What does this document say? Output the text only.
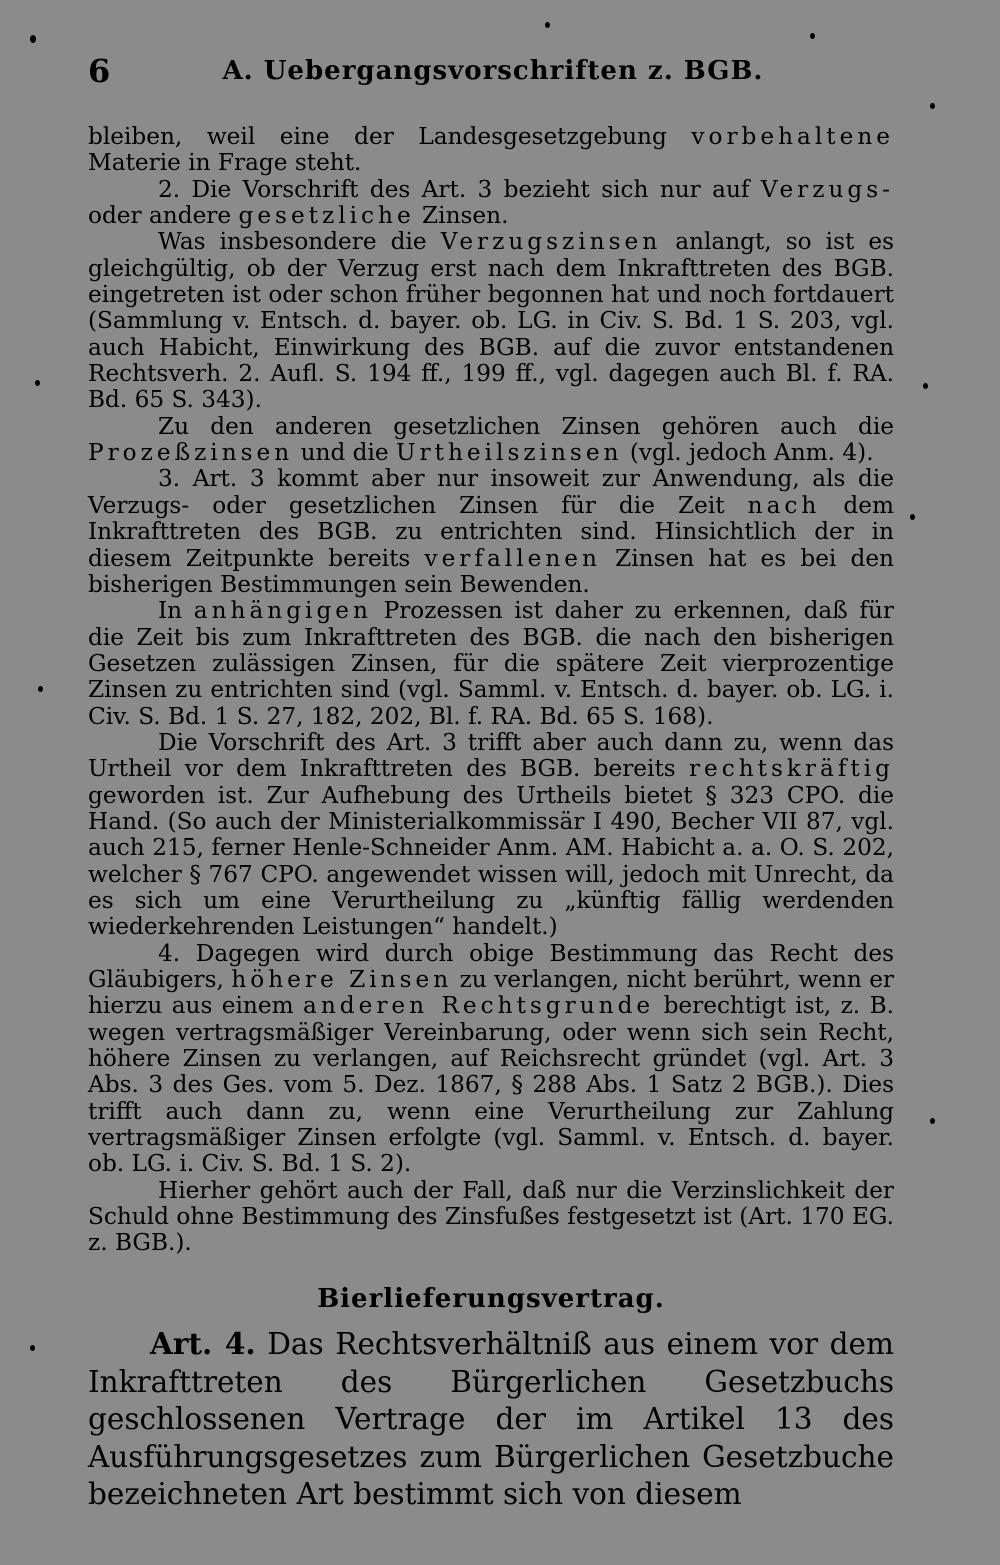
6	A. Uebergangsvorschriften z. BGB.

bleiben, weil eine der Landesgesetzgebung vorbehaltene Materie in Frage steht.

2. Die Vorschrift des Art. 3 bezieht sich nur auf Verzugs- oder andere gesetzliche Zinsen.

Was insbesondere die Verzugszinsen anlangt, so ist es gleichgültig, ob der Verzug erst nach dem Inkrafttreten des BGB. eingetreten ist oder schon früher begonnen hat und noch fortdauert (Sammlung v. Entsch. d. bayer. ob. LG. in Civ. S. Bd. 1 S. 203, vgl. auch Habicht, Einwirkung des BGB. auf die zuvor entstandenen Rechtsverh. 2. Aufl. S. 194 ff., 199 ff., vgl. dagegen auch Bl. f. RA. Bd. 65 S. 343).

Zu den anderen gesetzlichen Zinsen gehören auch die Prozeßzinsen und die Urtheilszinsen (vgl. jedoch Anm. 4).

3. Art. 3 kommt aber nur insoweit zur Anwendung, als die Verzugs- oder gesetzlichen Zinsen für die Zeit nach dem Inkrafttreten des BGB. zu entrichten sind. Hinsichtlich der in diesem Zeitpunkte bereits verfallenen Zinsen hat es bei den bisherigen Bestimmungen sein Bewenden.

In anhängigen Prozessen ist daher zu erkennen, daß für die Zeit bis zum Inkrafttreten des BGB. die nach den bisherigen Gesetzen zulässigen Zinsen, für die spätere Zeit vierprozentige Zinsen zu entrichten sind (vgl. Samml. v. Entsch. d. bayer. ob. LG. i. Civ. S. Bd. 1 S. 27, 182, 202, Bl. f. RA. Bd. 65 S. 168).

Die Vorschrift des Art. 3 trifft aber auch dann zu, wenn das Urtheil vor dem Inkrafttreten des BGB. bereits rechtskräftig geworden ist. Zur Aufhebung des Urtheils bietet § 323 CPO. die Hand. (So auch der Ministerialkommissär I 490, Becher VII 87, vgl. auch 215, ferner Henle-Schneider Anm. AM. Habicht a. a. O. S. 202, welcher § 767 CPO. angewendet wissen will, jedoch mit Unrecht, da es sich um eine Verurtheilung zu „künftig fällig werdenden wiederkehrenden Leistungen“ handelt.)

4. Dagegen wird durch obige Bestimmung das Recht des Gläubigers, höhere Zinsen zu verlangen, nicht berührt, wenn er hierzu aus einem anderen Rechtsgrunde berechtigt ist, z. B. wegen vertragsmäßiger Vereinbarung, oder wenn sich sein Recht, höhere Zinsen zu verlangen, auf Reichsrecht gründet (vgl. Art. 3 Abs. 3 des Ges. vom 5. Dez. 1867, § 288 Abs. 1 Satz 2 BGB.). Dies trifft auch dann zu, wenn eine Verurtheilung zur Zahlung vertragsmäßiger Zinsen erfolgte (vgl. Samml. v. Entsch. d. bayer. ob. LG. i. Civ. S. Bd. 1 S. 2).

Hierher gehört auch der Fall, daß nur die Verzinslichkeit der Schuld ohne Bestimmung des Zinsfußes festgesetzt ist (Art. 170 EG. z. BGB.).

Bierlieferungsvertrag.

Art. 4. Das Rechtsverhältniß aus einem vor dem Inkrafttreten des Bürgerlichen Gesetzbuchs geschlossenen Vertrage der im Artikel 13 des Ausführungsgesetzes zum Bürgerlichen Gesetzbuche bezeichneten Art bestimmt sich von diesem
